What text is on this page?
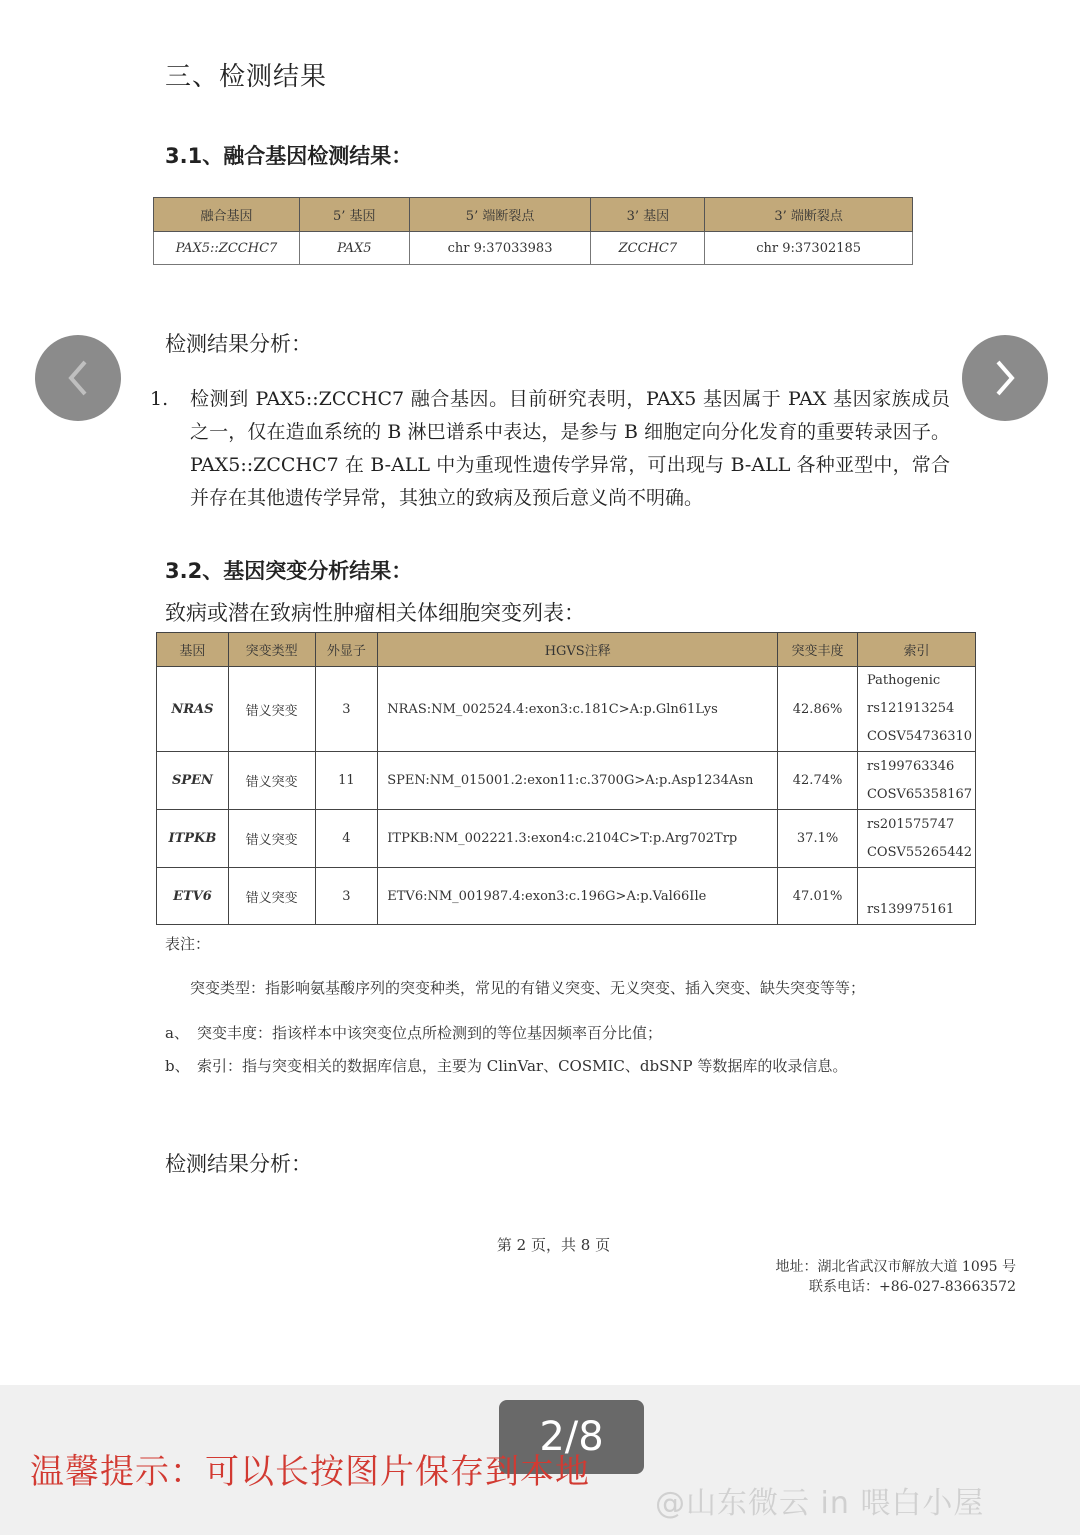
三、检测结果
3.1、融合基因检测结果：
融合基因	5’ 基因	5’ 端断裂点	3’ 基因	3’ 端断裂点
PAX5::ZCCHC7	PAX5	chr 9:37033983	ZCCHC7	chr 9:37302185
检测结果分析：
1. 检测到 PAX5::ZCCHC7 融合基因。目前研究表明，PAX5 基因属于 PAX 基因家族成员之一，仅在造血系统的 B 淋巴谱系中表达，是参与 B 细胞定向分化发育的重要转录因子。PAX5::ZCCHC7 在 B-ALL 中为重现性遗传学异常，可出现与 B-ALL 各种亚型中，常合并存在其他遗传学异常，其独立的致病及预后意义尚不明确。
3.2、基因突变分析结果：
致病或潜在致病性肿瘤相关体细胞突变列表：
基因	突变类型	外显子	HGVS注释	突变丰度	索引
NRAS	错义突变	3	NRAS:NM_002524.4:exon3:c.181C>A:p.Gln61Lys	42.86%	Pathogenic
rs121913254
COSV54736310

SPEN	错义突变	11	SPEN:NM_015001.2:exon11:c.3700G>A:p.Asp1234Asn	42.74%	rs199763346
COSV65358167

ITPKB	错义突变	4	ITPKB:NM_002221.3:exon4:c.2104C>T:p.Arg702Trp	37.1%	rs201575747
COSV55265442

ETV6	错义突变	3	ETV6:NM_001987.4:exon3:c.196G>A:p.Val66Ile	47.01%	rs139975161
表注：
突变类型：指影响氨基酸序列的突变种类，常见的有错义突变、无义突变、插入突变、缺失突变等等；
a、 突变丰度：指该样本中该突变位点所检测到的等位基因频率百分比值；
b、 索引：指与突变相关的数据库信息，主要为 ClinVar、COSMIC、dbSNP 等数据库的收录信息。
检测结果分析：
第 2 页，共 8 页
地址：湖北省武汉市解放大道 1095 号
联系电话：+86-027-83663572
2/8
温馨提示：可以长按图片保存到本地
@山东微云 in 喂白小屋
